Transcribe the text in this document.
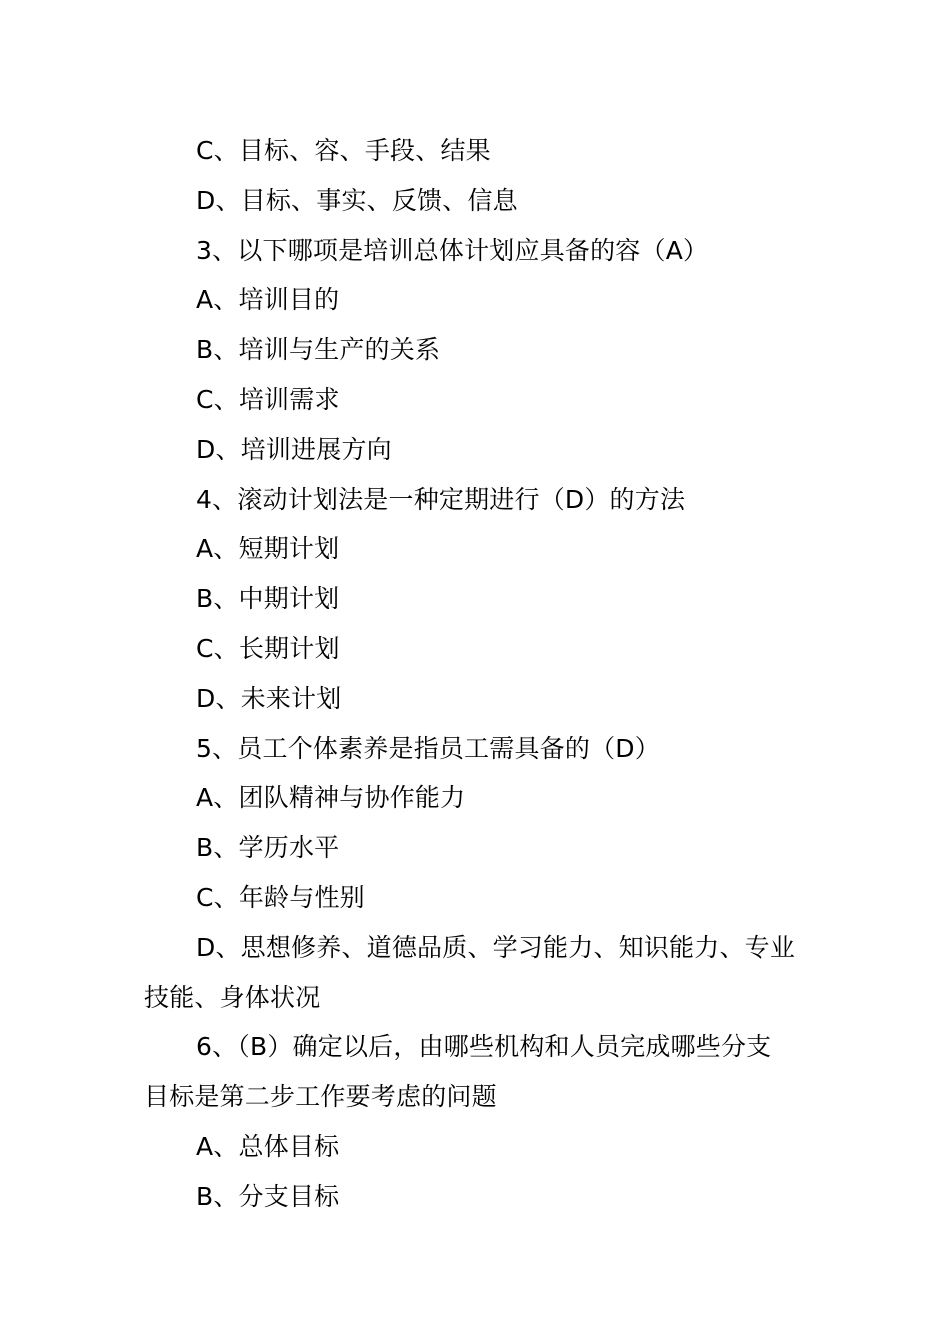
C、目标、容、手段、结果
D、目标、事实、反馈、信息
3、以下哪项是培训总体计划应具备的容（A）
A、培训目的
B、培训与生产的关系
C、培训需求
D、培训进展方向
4、滚动计划法是一种定期进行（D）的方法
A、短期计划
B、中期计划
C、长期计划
D、未来计划
5、员工个体素养是指员工需具备的（D）
A、团队精神与协作能力
B、学历水平
C、年龄与性别
D、思想修养、道德品质、学习能力、知识能力、专业
技能、身体状况
6、（B）确定以后，由哪些机构和人员完成哪些分支
目标是第二步工作要考虑的问题
A、总体目标
B、分支目标
